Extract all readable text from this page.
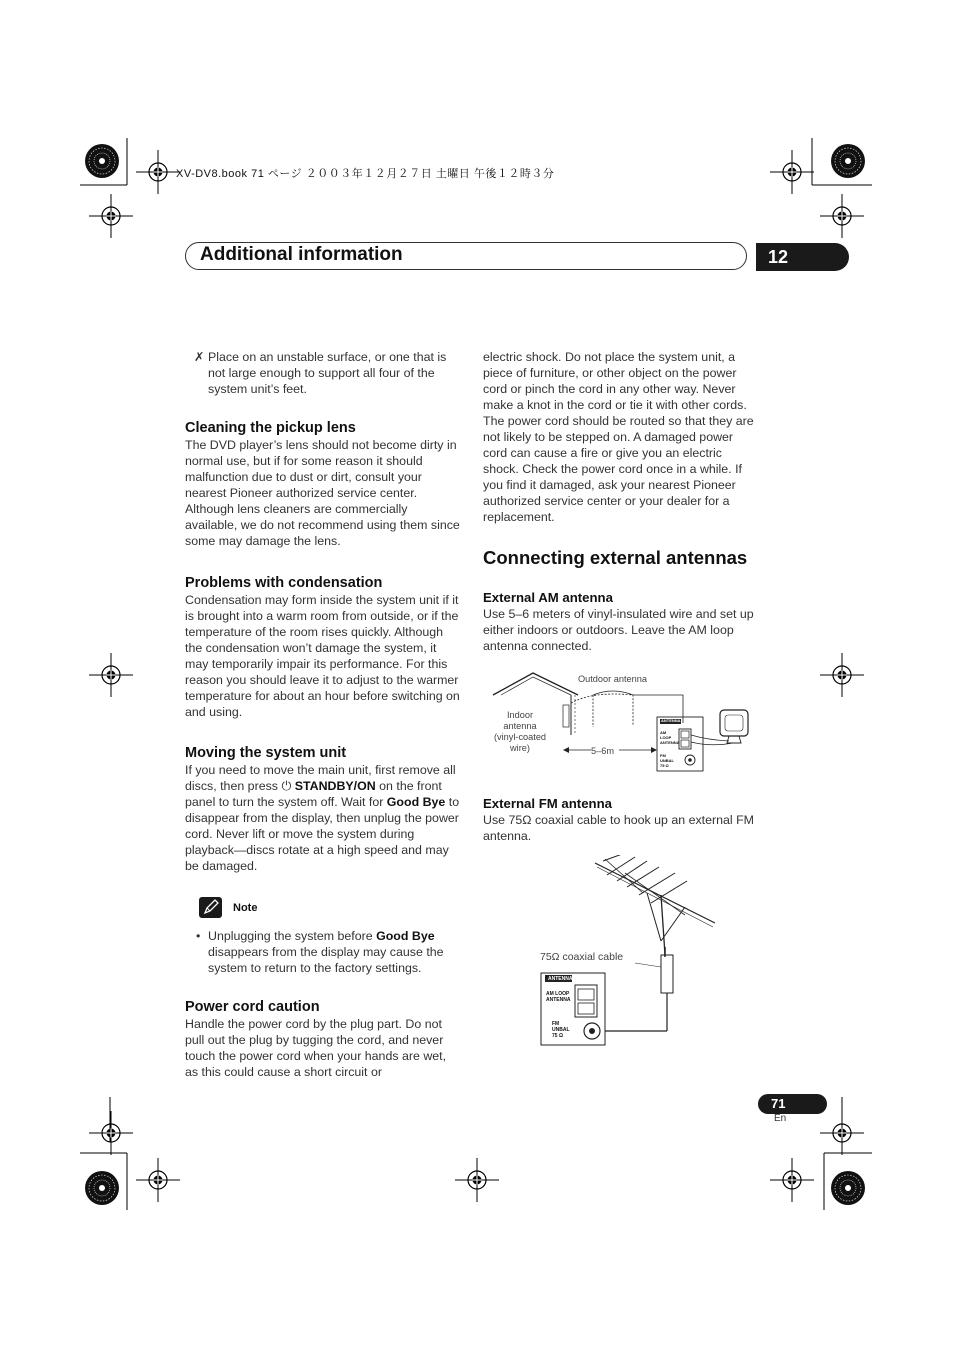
XV-DV8.book 71 ページ ２００３年１２月２７日 土曜日 午後１２時３分
Additional information	12
✗ Place on an unstable surface, or one that is not large enough to support all four of the system unit’s feet.

Cleaning the pickup lens

The DVD player’s lens should not become dirty in normal use, but if for some reason it should malfunction due to dust or dirt, consult your nearest Pioneer authorized service center. Although lens cleaners are commercially available, we do not recommend using them since some may damage the lens.

Problems with condensation

Condensation may form inside the system unit if it is brought into a warm room from outside, or if the temperature of the room rises quickly. Although the condensation won’t damage the system, it may temporarily impair its performance. For this reason you should leave it to adjust to the warmer temperature for about an hour before switching on and using.

Moving the system unit

If you need to move the main unit, first remove all discs, then press ⏻ STANDBY/ON on the front panel to turn the system off. Wait for Good Bye to disappear from the display, then unplug the power cord. Never lift or move the system during playback—discs rotate at a high speed and may be damaged.

Note
• Unplugging the system before Good Bye disappears from the display may cause the system to return to the factory settings.

Power cord caution

Handle the power cord by the plug part. Do not pull out the plug by tugging the cord, and never touch the power cord when your hands are wet, as this could cause a short circuit or

electric shock. Do not place the system unit, a piece of furniture, or other object on the power cord or pinch the cord in any other way. Never make a knot in the cord or tie it with other cords. The power cord should be routed so that they are not likely to be stepped on. A damaged power cord can cause a fire or give you an electric shock. Check the power cord once in a while. If you find it damaged, ask your nearest Pioneer authorized service center or your dealer for a replacement.

Connecting external antennas
External AM antenna

Use 5–6 meters of vinyl-insulated wire and set up either indoors or outdoors. Leave the AM loop antenna connected.

Outdoor antenna
Indoor
antenna
(vinyl-coated
wire)	5–6m
ANTENNA
AM LOOP ANTENNA
FM UNBAL 75 Ω
External FM antenna

Use 75Ω coaxial cable to hook up an external FM antenna.

75Ω coaxial cable
ANTENNA
AM LOOP ANTENNA
FM UNBAL 75 Ω
71
En
